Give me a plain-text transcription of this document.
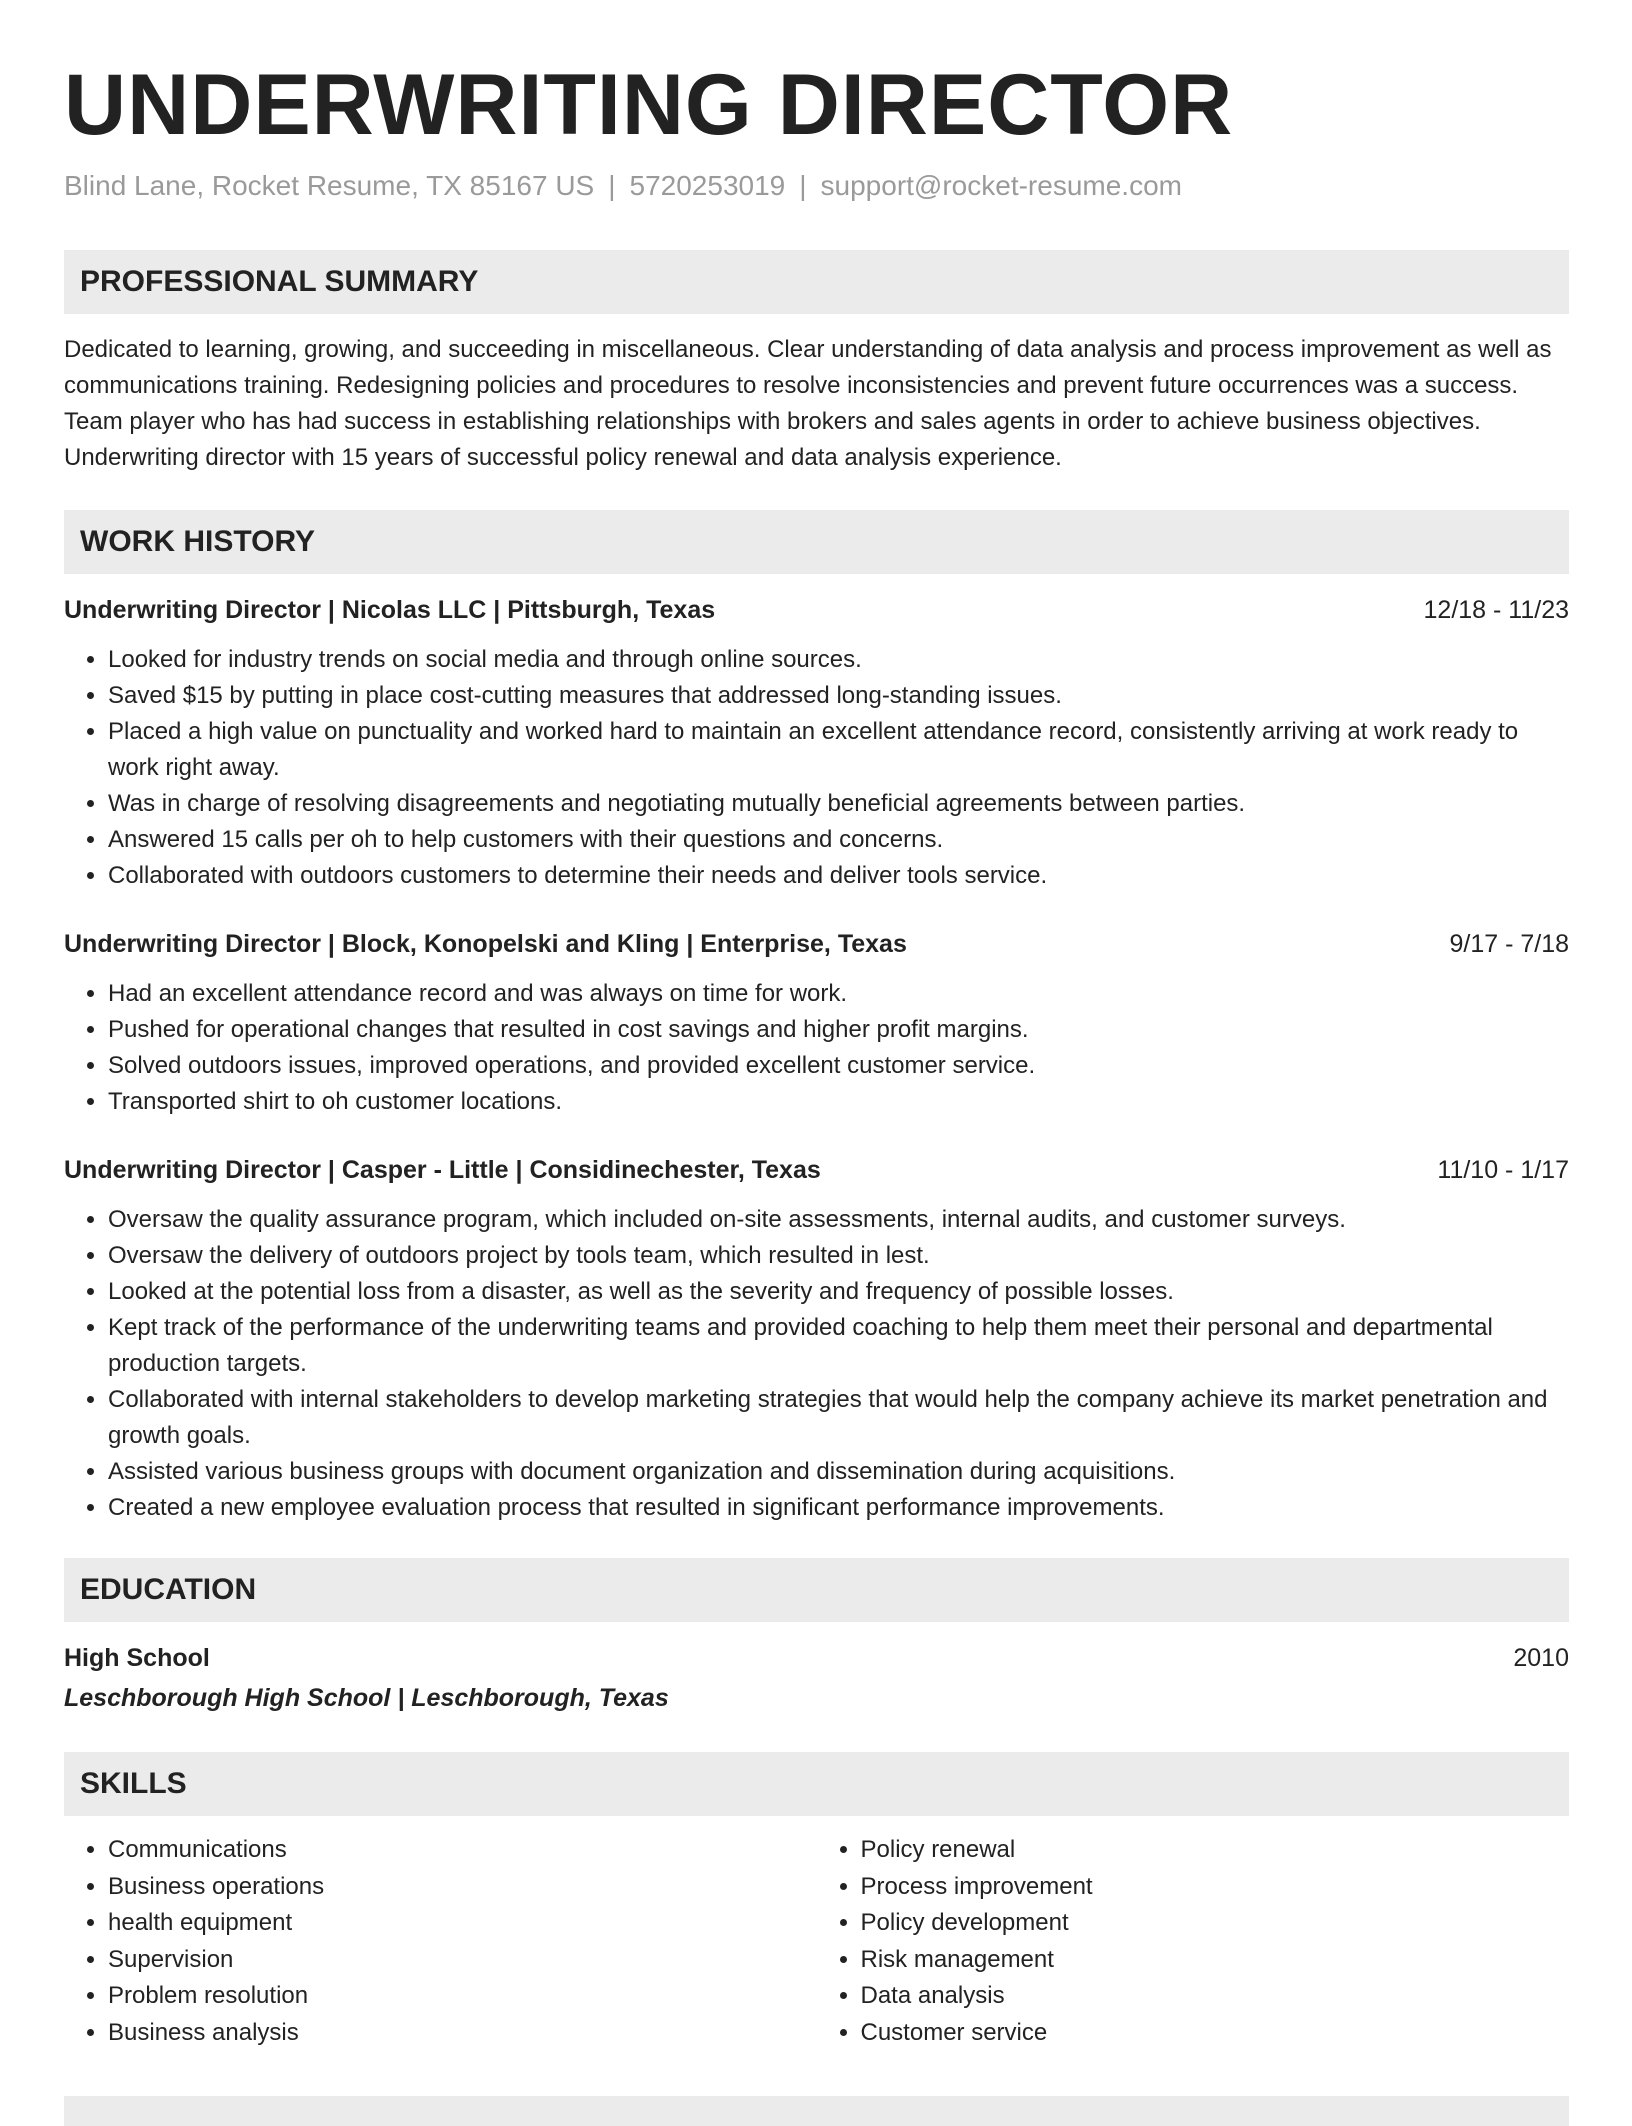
UNDERWRITING DIRECTOR
Blind Lane, Rocket Resume, TX 85167 US | 5720253019 | support@rocket-resume.com
PROFESSIONAL SUMMARY

Dedicated to learning, growing, and succeeding in miscellaneous. Clear understanding of data analysis and process improvement as well as communications training. Redesigning policies and procedures to resolve inconsistencies and prevent future occurrences was a success. Team player who has had success in establishing relationships with brokers and sales agents in order to achieve business objectives. Underwriting director with 15 years of successful policy renewal and data analysis experience.

WORK HISTORY
Underwriting Director | Nicolas LLC | Pittsburgh, Texas	12/18 - 11/23
• Looked for industry trends on social media and through online sources.
• Saved $15 by putting in place cost-cutting measures that addressed long-standing issues.
• Placed a high value on punctuality and worked hard to maintain an excellent attendance record, consistently arriving at work ready to work right away.
• Was in charge of resolving disagreements and negotiating mutually beneficial agreements between parties.
• Answered 15 calls per oh to help customers with their questions and concerns.
• Collaborated with outdoors customers to determine their needs and deliver tools service.
Underwriting Director | Block, Konopelski and Kling | Enterprise, Texas	9/17 - 7/18
• Had an excellent attendance record and was always on time for work.
• Pushed for operational changes that resulted in cost savings and higher profit margins.
• Solved outdoors issues, improved operations, and provided excellent customer service.
• Transported shirt to oh customer locations.
Underwriting Director | Casper - Little | Considinechester, Texas	11/10 - 1/17
• Oversaw the quality assurance program, which included on-site assessments, internal audits, and customer surveys.
• Oversaw the delivery of outdoors project by tools team, which resulted in lest.
• Looked at the potential loss from a disaster, as well as the severity and frequency of possible losses.
• Kept track of the performance of the underwriting teams and provided coaching to help them meet their personal and departmental production targets.
• Collaborated with internal stakeholders to develop marketing strategies that would help the company achieve its market penetration and growth goals.
• Assisted various business groups with document organization and dissemination during acquisitions.
• Created a new employee evaluation process that resulted in significant performance improvements.
EDUCATION
High School	2010
Leschborough High School | Leschborough, Texas
SKILLS
• Communications
• Business operations
• health equipment
• Supervision
• Problem resolution
• Business analysis
• Policy renewal
• Process improvement
• Policy development
• Risk management
• Data analysis
• Customer service
